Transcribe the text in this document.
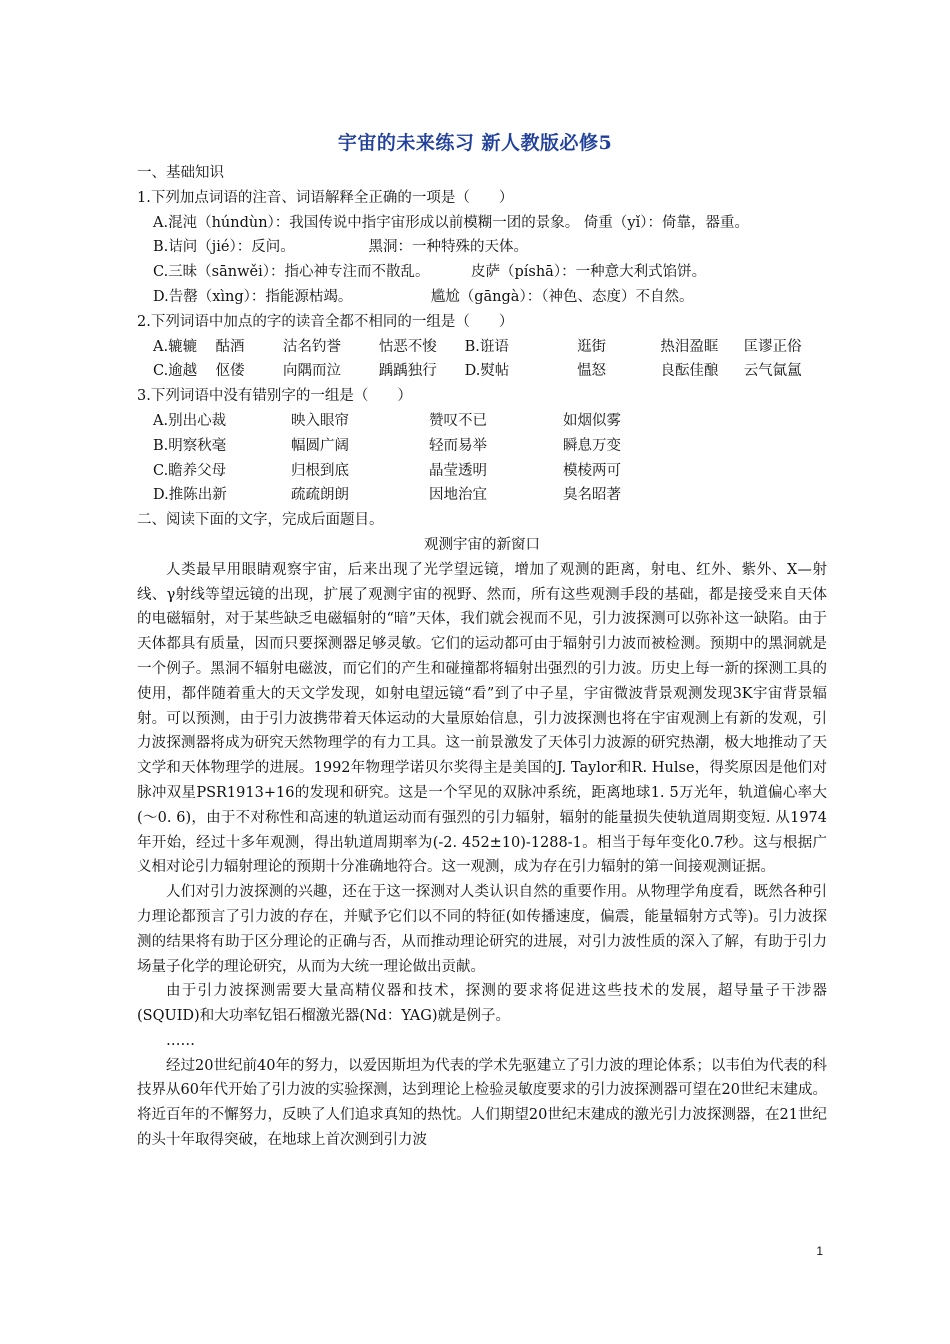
宇宙的未来练习 新人教版必修5
一、基础知识
1.下列加点词语的注音、词语解释全正确的一项是（　　）
A.混沌（húndùn）：我国传说中指宇宙形成以前模糊一团的景象。 倚重（yǐ）：倚靠，器重。
B.诘问（jié）：反问。                黑洞：一种特殊的天体。
C.三昧（sānwěi）：指心神专注而不散乱。         皮萨（píshā）：一种意大利式馅饼。
D.告罄（xìng）：指能源枯竭。                 尴尬（gāngà）：（神色、态度）不自然。
2.下列词语中加点的字的读音全都不相同的一组是（　　）
A.辘辘	酤酒	沽名钓誉	怙恶不悛	B.诳语	逛街	热泪盈眶	匡谬正俗
C.逾越	伛偻	向隅而泣	踽踽独行	D.熨帖	愠怒	良酝佳酿	云气氤氲
3.下列词语中没有错别字的一组是（　　）
A.别出心裁	映入眼帘	赞叹不已	如烟似雾
B.明察秋毫	幅圆广阔	轻而易举	瞬息万变
C.瞻养父母	归根到底	晶莹透明	模棱两可
D.推陈出新	疏疏朗朗	因地治宜	臭名昭著
二、阅读下面的文字，完成后面题目。
观测宇宙的新窗口

人类最早用眼睛观察宇宙，后来出现了光学望远镜，增加了观测的距离，射电、红外、紫外、X—射线、γ射线等望远镜的出现，扩展了观测宇宙的视野、然而，所有这些观测手段的基础，都是接受来自天体的电磁辐射，对于某些缺乏电磁辐射的“暗”天体，我们就会视而不见，引力波探测可以弥补这一缺陷。由于天体都具有质量，因而只要探测器足够灵敏。它们的运动都可由于辐射引力波而被检测。预期中的黑洞就是一个例子。黑洞不辐射电磁波，而它们的产生和碰撞都将辐射出强烈的引力波。历史上每一新的探测工具的使用，都伴随着重大的天文学发现，如射电望远镜“看”到了中子星，宇宙微波背景观测发现3K宇宙背景辐射。可以预测，由于引力波携带着天体运动的大量原始信息，引力波探测也将在宇宙观测上有新的发观，引力波探测器将成为研究天然物理学的有力工具。这一前景激发了天体引力波源的研究热潮，极大地推动了天文学和天体物理学的进展。1992年物理学诺贝尔奖得主是美国的J. Taylor和R. Hulse，得奖原因是他们对脉冲双星PSR1913+16的发现和研究。这是一个罕见的双脉冲系统，距离地球1. 5万光年，轨道偏心率大(～0. 6)，由于不对称性和高速的轨道运动而有强烈的引力辐射，辐射的能量损失使轨道周期变短. 从1974年开始，经过十多年观测，得出轨道周期率为(-2. 452±10)-1288-1。相当于每年变化0.7秒。这与根据广义相对论引力辐射理论的预期十分准确地符合。这一观测，成为存在引力辐射的第一间接观测证据。

人们对引力波探测的兴趣，还在于这一探测对人类认识自然的重要作用。从物理学角度看，既然各种引力理论都预言了引力波的存在，并赋予它们以不同的特征(如传播速度，偏震，能量辐射方式等)。引力波探测的结果将有助于区分理论的正确与否，从而推动理论研究的进展，对引力波性质的深入了解，有助于引力场量子化学的理论研究，从而为大统一理论做出贡献。

由于引力波探测需要大量高精仪器和技术，探测的要求将促进这些技术的发展，超导量子干涉器(SQUID)和大功率钇铝石榴激光器(Nd：YAG)就是例子。

……

经过20世纪前40年的努力，以爱因斯坦为代表的学术先驱建立了引力波的理论体系；以韦伯为代表的科技界从60年代开始了引力波的实验探测，达到理论上检验灵敏度要求的引力波探测器可望在20世纪末建成。将近百年的不懈努力，反映了人们追求真知的热忱。人们期望20世纪末建成的激光引力波探测器，在21世纪的头十年取得突破，在地球上首次测到引力波

1
